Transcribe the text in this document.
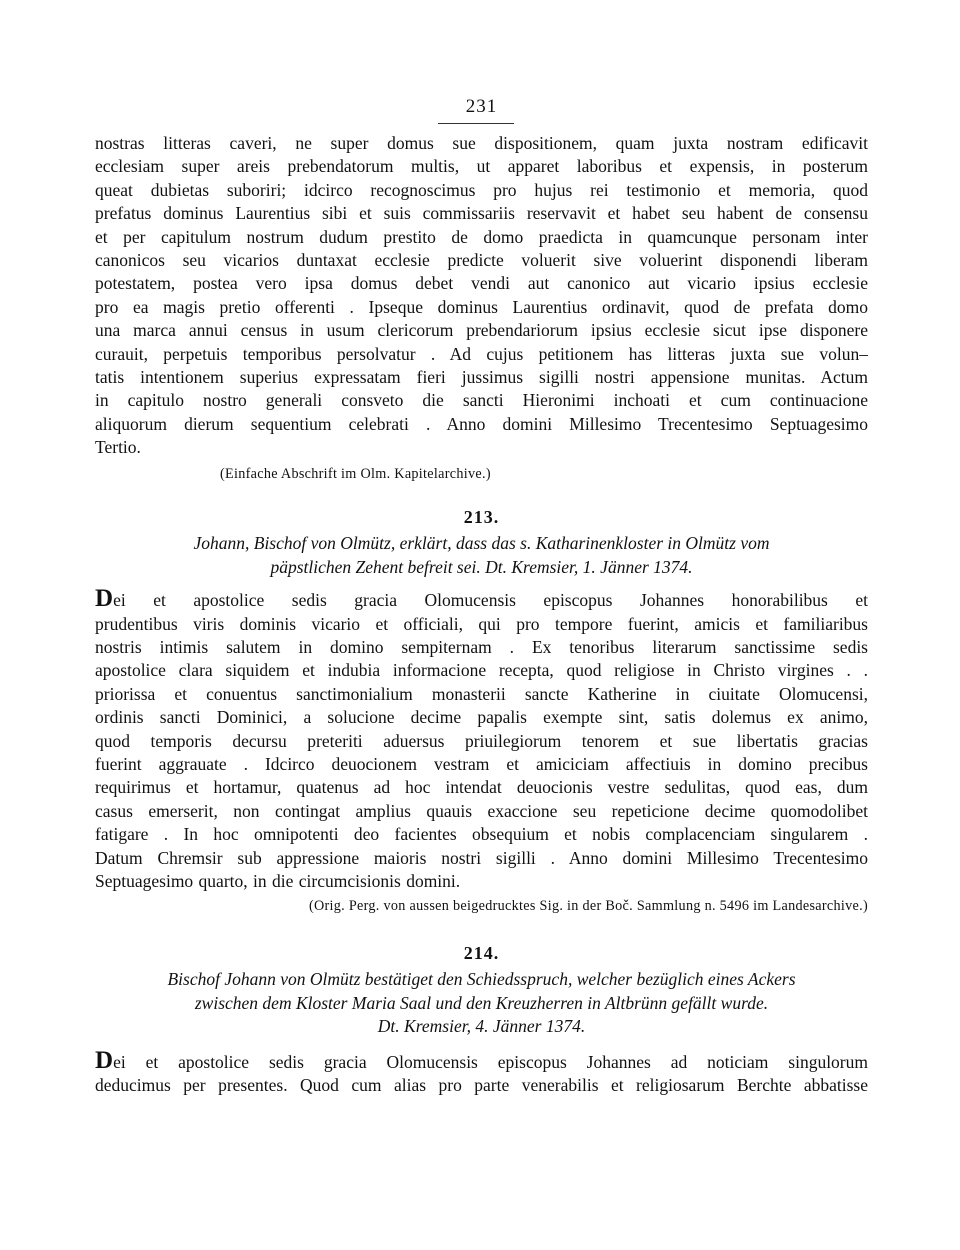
231
nostras litteras caveri, ne super domus sue dispositionem, quam juxta nostram edificavit
ecclesiam super areis prebendatorum multis, ut apparet laboribus et expensis, in posterum
queat dubietas suboriri; idcirco recognoscimus pro hujus rei testimonio et memoria, quod
prefatus dominus Laurentius sibi et suis commissariis reservavit et habet seu habent de consensu
et per capitulum nostrum dudum prestito de domo praedicta in quamcunque personam inter
canonicos seu vicarios duntaxat ecclesie predicte voluerit sive voluerint disponendi liberam
potestatem, postea vero ipsa domus debet vendi aut canonico aut vicario ipsius ecclesie
pro ea magis pretio offerenti . Ipseque dominus Laurentius ordinavit, quod de prefata domo
una marca annui census in usum clericorum prebendariorum ipsius ecclesie sicut ipse disponere
curauit, perpetuis temporibus persolvatur . Ad cujus petitionem has litteras juxta sue volun–
tatis intentionem superius expressatam fieri jussimus sigilli nostri appensione munitas. Actum
in capitulo nostro generali consveto die sancti Hieronimi inchoati et cum continuacione
aliquorum dierum sequentium celebrati . Anno domini Millesimo Trecentesimo Septuagesimo
Tertio.
(Einfache Abschrift im Olm. Kapitelarchive.)
213.
Johann, Bischof von Olmütz, erklärt, dass das s. Katharinenkloster in Olmütz vom
päpstlichen Zehent befreit sei. Dt. Kremsier, 1. Jänner 1374.
Dei et apostolice sedis gracia Olomucensis episcopus Johannes honorabilibus et
prudentibus viris dominis vicario et officiali, qui pro tempore fuerint, amicis et familiaribus
nostris intimis salutem in domino sempiternam . Ex tenoribus literarum sanctissime sedis
apostolice clara siquidem et indubia informacione recepta, quod religiose in Christo virgines . .
priorissa et conuentus sanctimonialium monasterii sancte Katherine in ciuitate Olomucensi,
ordinis sancti Dominici, a solucione decime papalis exempte sint, satis dolemus ex animo,
quod temporis decursu preteriti aduersus priuilegiorum tenorem et sue libertatis gracias
fuerint aggrauate . Idcirco deuocionem vestram et amiciciam affectiuis in domino precibus
requirimus et hortamur, quatenus ad hoc intendat deuocionis vestre sedulitas, quod eas, dum
casus emerserit, non contingat amplius quauis exaccione seu repeticione decime quomodolibet
fatigare . In hoc omnipotenti deo facientes obsequium et nobis complacenciam singularem .
Datum Chremsir sub appressione maioris nostri sigilli . Anno domini Millesimo Trecentesimo
Septuagesimo quarto, in die circumcisionis domini.
(Orig. Perg. von aussen beigedrucktes Sig. in der Boč. Sammlung n. 5496 im Landesarchive.)
214.
Bischof Johann von Olmütz bestätiget den Schiedsspruch, welcher bezüglich eines Ackers
zwischen dem Kloster Maria Saal und den Kreuzherren in Altbrünn gefällt wurde.
Dt. Kremsier, 4. Jänner 1374.
Dei et apostolice sedis gracia Olomucensis episcopus Johannes ad noticiam singulorum
deducimus per presentes. Quod cum alias pro parte venerabilis et religiosarum Berchte abbatisse
